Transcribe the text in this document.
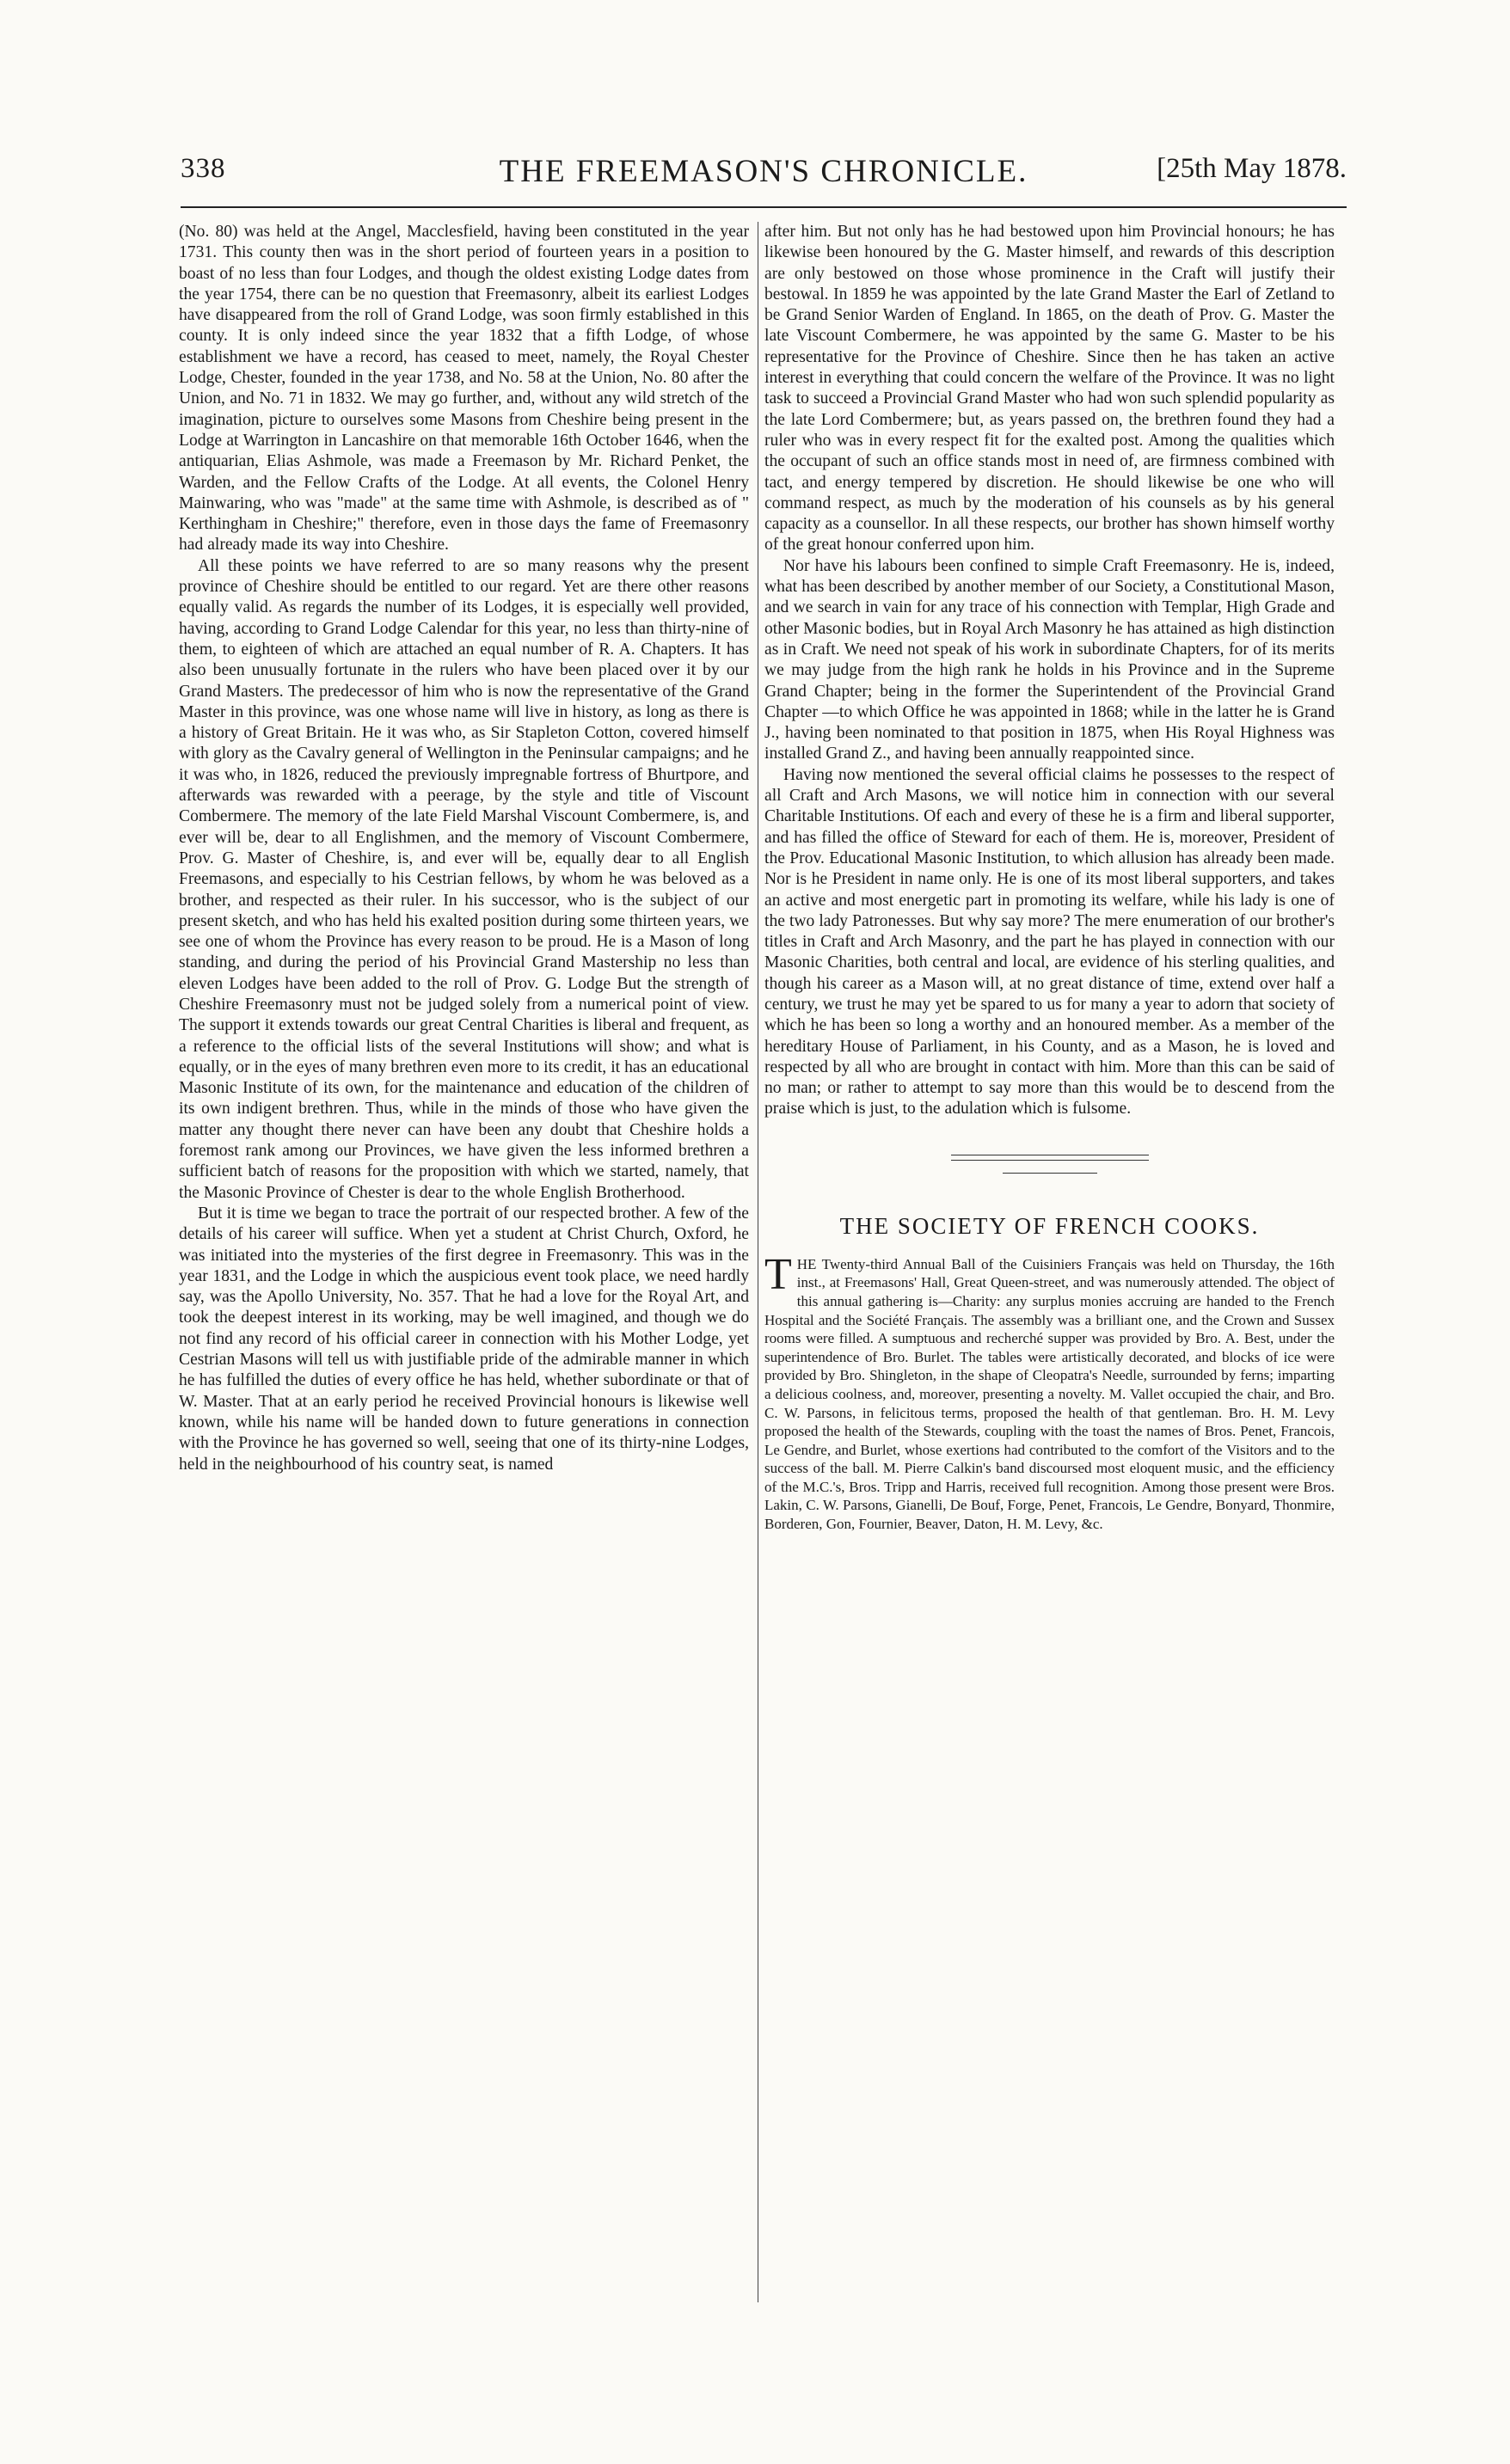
338	THE FREEMASON'S CHRONICLE.	[25th May 1878.

(No. 80) was held at the Angel, Macclesfield, having been constituted in the year 1731. This county then was in the short period of fourteen years in a position to boast of no less than four Lodges, and though the oldest existing Lodge dates from the year 1754, there can be no question that Freemasonry, albeit its earliest Lodges have disappeared from the roll of Grand Lodge, was soon firmly established in this county. It is only indeed since the year 1832 that a fifth Lodge, of whose establishment we have a record, has ceased to meet, namely, the Royal Chester Lodge, Chester, founded in the year 1738, and No. 58 at the Union, No. 80 after the Union, and No. 71 in 1832. We may go further, and, without any wild stretch of the imagination, picture to ourselves some Masons from Cheshire being present in the Lodge at Warrington in Lancashire on that memorable 16th October 1646, when the antiquarian, Elias Ashmole, was made a Freemason by Mr. Richard Penket, the Warden, and the Fellow Crafts of the Lodge. At all events, the Colonel Henry Mainwaring, who was "made" at the same time with Ashmole, is described as of " Kerthingham in Cheshire;" therefore, even in those days the fame of Freemasonry had already made its way into Cheshire.

All these points we have referred to are so many reasons why the present province of Cheshire should be entitled to our regard. Yet are there other reasons equally valid. As regards the number of its Lodges, it is especially well provided, having, according to Grand Lodge Calendar for this year, no less than thirty-nine of them, to eighteen of which are attached an equal number of R. A. Chapters. It has also been unusually fortunate in the rulers who have been placed over it by our Grand Masters. The predecessor of him who is now the representative of the Grand Master in this province, was one whose name will live in history, as long as there is a history of Great Britain. He it was who, as Sir Stapleton Cotton, covered himself with glory as the Cavalry general of Wellington in the Peninsular campaigns; and he it was who, in 1826, reduced the previously impregnable fortress of Bhurtpore, and afterwards was rewarded with a peerage, by the style and title of Viscount Combermere. The memory of the late Field Marshal Viscount Combermere, is, and ever will be, dear to all Englishmen, and the memory of Viscount Combermere, Prov. G. Master of Cheshire, is, and ever will be, equally dear to all English Freemasons, and especially to his Cestrian fellows, by whom he was beloved as a brother, and respected as their ruler. In his successor, who is the subject of our present sketch, and who has held his exalted position during some thirteen years, we see one of whom the Province has every reason to be proud. He is a Mason of long standing, and during the period of his Provincial Grand Mastership no less than eleven Lodges have been added to the roll of Prov. G. Lodge But the strength of Cheshire Freemasonry must not be judged solely from a numerical point of view. The support it extends towards our great Central Charities is liberal and frequent, as a reference to the official lists of the several Institutions will show; and what is equally, or in the eyes of many brethren even more to its credit, it has an educational Masonic Institute of its own, for the maintenance and education of the children of its own indigent brethren. Thus, while in the minds of those who have given the matter any thought there never can have been any doubt that Cheshire holds a foremost rank among our Provinces, we have given the less informed brethren a sufficient batch of reasons for the proposition with which we started, namely, that the Masonic Province of Chester is dear to the whole English Brotherhood.

But it is time we began to trace the portrait of our respected brother. A few of the details of his career will suffice. When yet a student at Christ Church, Oxford, he was initiated into the mysteries of the first degree in Freemasonry. This was in the year 1831, and the Lodge in which the auspicious event took place, we need hardly say, was the Apollo University, No. 357. That he had a love for the Royal Art, and took the deepest interest in its working, may be well imagined, and though we do not find any record of his official career in connection with his Mother Lodge, yet Cestrian Masons will tell us with justifiable pride of the admirable manner in which he has fulfilled the duties of every office he has held, whether subordinate or that of W. Master. That at an early period he received Provincial honours is likewise well known, while his name will be handed down to future generations in connection with the Province he has governed so well, seeing that one of its thirty-nine Lodges, held in the neighbourhood of his country seat, is named

after him. But not only has he had bestowed upon him Provincial honours; he has likewise been honoured by the G. Master himself, and rewards of this description are only bestowed on those whose prominence in the Craft will justify their bestowal. In 1859 he was appointed by the late Grand Master the Earl of Zetland to be Grand Senior Warden of England. In 1865, on the death of Prov. G. Master the late Viscount Combermere, he was appointed by the same G. Master to be his representative for the Province of Cheshire. Since then he has taken an active interest in everything that could concern the welfare of the Province. It was no light task to succeed a Provincial Grand Master who had won such splendid popularity as the late Lord Combermere; but, as years passed on, the brethren found they had a ruler who was in every respect fit for the exalted post. Among the qualities which the occupant of such an office stands most in need of, are firmness combined with tact, and energy tempered by discretion. He should likewise be one who will command respect, as much by the moderation of his counsels as by his general capacity as a counsellor. In all these respects, our brother has shown himself worthy of the great honour conferred upon him.

Nor have his labours been confined to simple Craft Freemasonry. He is, indeed, what has been described by another member of our Society, a Constitutional Mason, and we search in vain for any trace of his connection with Templar, High Grade and other Masonic bodies, but in Royal Arch Masonry he has attained as high distinction as in Craft. We need not speak of his work in subordinate Chapters, for of its merits we may judge from the high rank he holds in his Province and in the Supreme Grand Chapter; being in the former the Superintendent of the Provincial Grand Chapter —to which Office he was appointed in 1868; while in the latter he is Grand J., having been nominated to that position in 1875, when His Royal Highness was installed Grand Z., and having been annually reappointed since.

Having now mentioned the several official claims he possesses to the respect of all Craft and Arch Masons, we will notice him in connection with our several Charitable Institutions. Of each and every of these he is a firm and liberal supporter, and has filled the office of Steward for each of them. He is, moreover, President of the Prov. Educational Masonic Institution, to which allusion has already been made. Nor is he President in name only. He is one of its most liberal supporters, and takes an active and most energetic part in promoting its welfare, while his lady is one of the two lady Patronesses. But why say more? The mere enumeration of our brother's titles in Craft and Arch Masonry, and the part he has played in connection with our Masonic Charities, both central and local, are evidence of his sterling qualities, and though his career as a Mason will, at no great distance of time, extend over half a century, we trust he may yet be spared to us for many a year to adorn that society of which he has been so long a worthy and an honoured member. As a member of the hereditary House of Parliament, in his County, and as a Mason, he is loved and respected by all who are brought in contact with him. More than this can be said of no man; or rather to attempt to say more than this would be to descend from the praise which is just, to the adulation which is fulsome.

THE SOCIETY OF FRENCH COOKS.

THE Twenty-third Annual Ball of the Cuisiniers Français was held on Thursday, the 16th inst., at Freemasons' Hall, Great Queen-street, and was numerously attended. The object of this annual gathering is—Charity: any surplus monies accruing are handed to the French Hospital and the Société Français. The assembly was a brilliant one, and the Crown and Sussex rooms were filled. A sumptuous and recherché supper was provided by Bro. A. Best, under the superintendence of Bro. Burlet. The tables were artistically decorated, and blocks of ice were provided by Bro. Shingleton, in the shape of Cleopatra's Needle, surrounded by ferns; imparting a delicious coolness, and, moreover, presenting a novelty. M. Vallet occupied the chair, and Bro. C. W. Parsons, in felicitous terms, proposed the health of that gentleman. Bro. H. M. Levy proposed the health of the Stewards, coupling with the toast the names of Bros. Penet, Francois, Le Gendre, and Burlet, whose exertions had contributed to the comfort of the Visitors and to the success of the ball. M. Pierre Calkin's band discoursed most eloquent music, and the efficiency of the M.C.'s, Bros. Tripp and Harris, received full recognition. Among those present were Bros. Lakin, C. W. Parsons, Gianelli, De Bouf, Forge, Penet, Francois, Le Gendre, Bonyard, Thonmire, Borderen, Gon, Fournier, Beaver, Daton, H. M. Levy, &c.
